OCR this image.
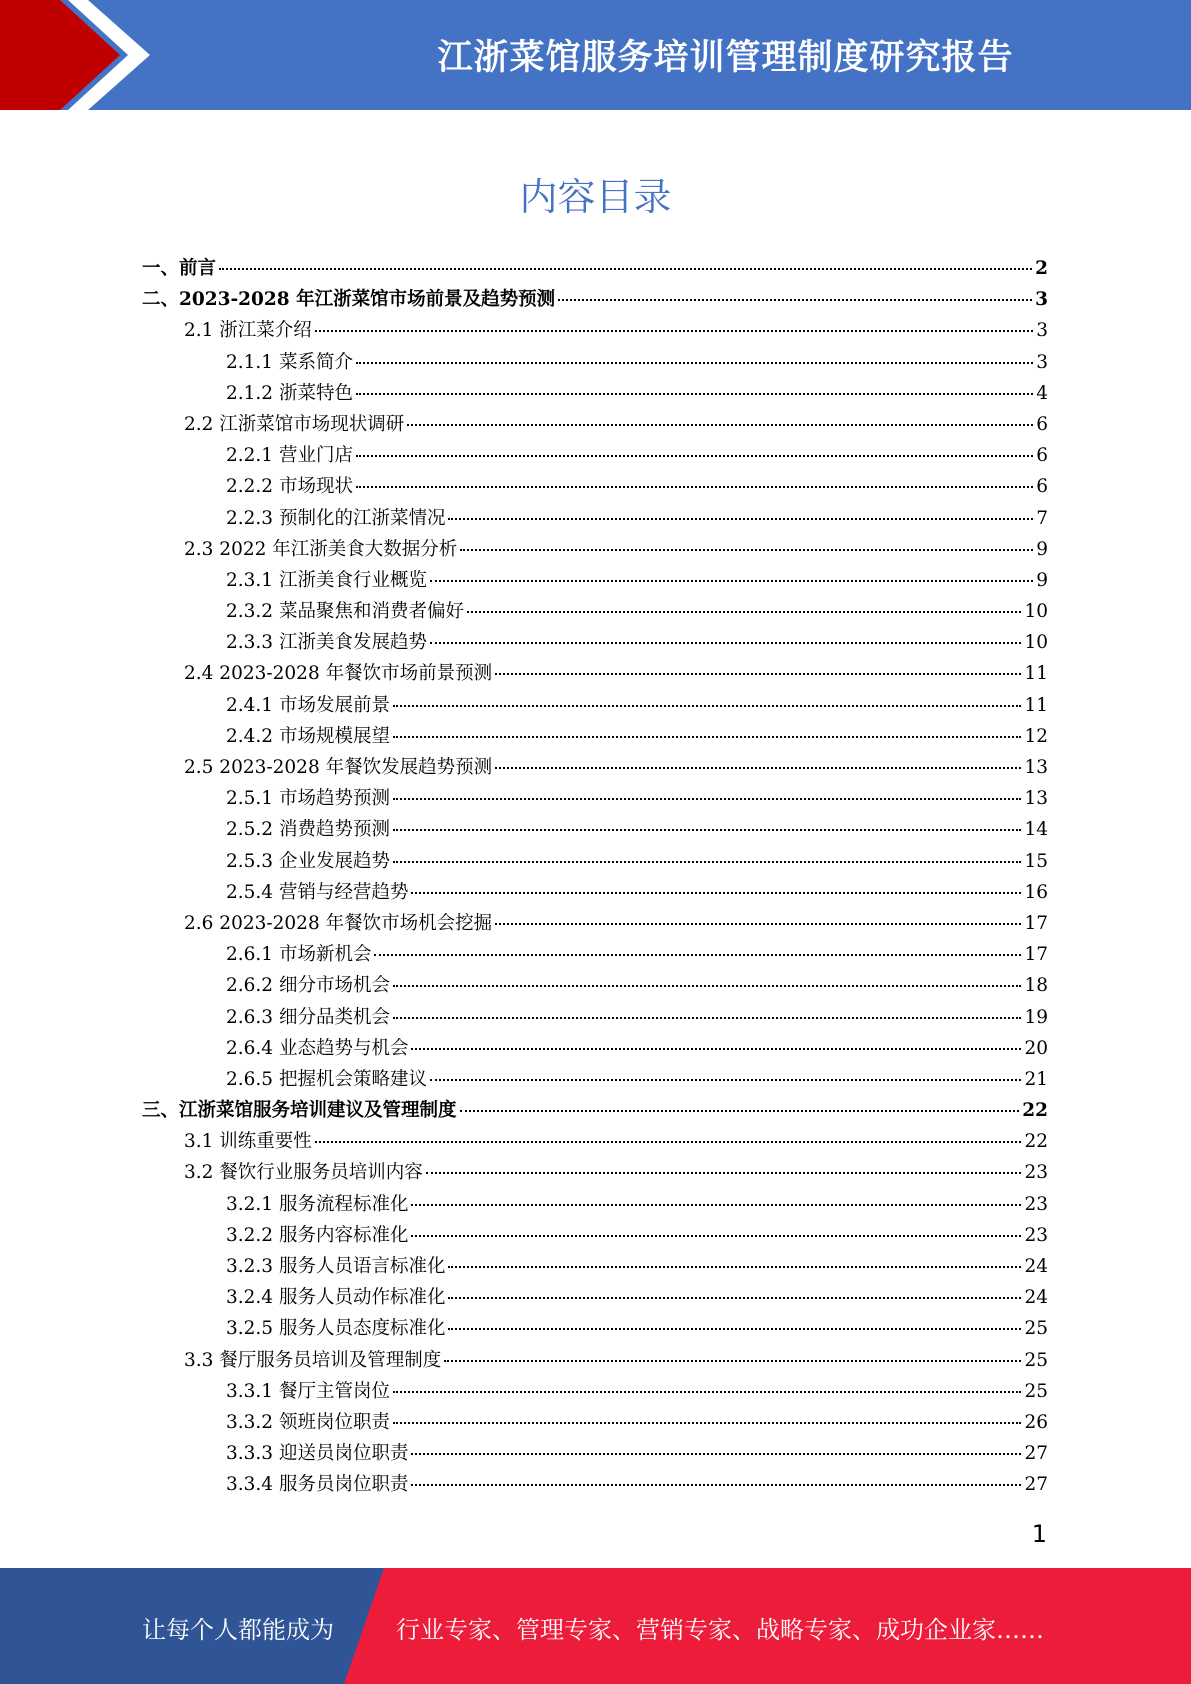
江浙菜馆服务培训管理制度研究报告
内容目录
一、前言	2
二、2023-2028 年江浙菜馆市场前景及趋势预测	3
2.1 浙江菜介绍	3
2.1.1 菜系简介	3
2.1.2 浙菜特色	4
2.2 江浙菜馆市场现状调研	6
2.2.1 营业门店	6
2.2.2 市场现状	6
2.2.3 预制化的江浙菜情况	7
2.3 2022 年江浙美食大数据分析	9
2.3.1 江浙美食行业概览	9
2.3.2 菜品聚焦和消费者偏好	10
2.3.3 江浙美食发展趋势	10
2.4 2023-2028 年餐饮市场前景预测	11
2.4.1 市场发展前景	11
2.4.2 市场规模展望	12
2.5 2023-2028 年餐饮发展趋势预测	13
2.5.1 市场趋势预测	13
2.5.2 消费趋势预测	14
2.5.3 企业发展趋势	15
2.5.4 营销与经营趋势	16
2.6 2023-2028 年餐饮市场机会挖掘	17
2.6.1 市场新机会	17
2.6.2 细分市场机会	18
2.6.3 细分品类机会	19
2.6.4 业态趋势与机会	20
2.6.5 把握机会策略建议	21
三、江浙菜馆服务培训建议及管理制度	22
3.1 训练重要性	22
3.2 餐饮行业服务员培训内容	23
3.2.1 服务流程标准化	23
3.2.2 服务内容标准化	23
3.2.3 服务人员语言标准化	24
3.2.4 服务人员动作标准化	24
3.2.5 服务人员态度标准化	25
3.3 餐厅服务员培训及管理制度	25
3.3.1 餐厅主管岗位	25
3.3.2 领班岗位职责	26
3.3.3 迎送员岗位职责	27
3.3.4 服务员岗位职责	27
1
让每个人都能成为	行业专家、管理专家、营销专家、战略专家、成功企业家……
